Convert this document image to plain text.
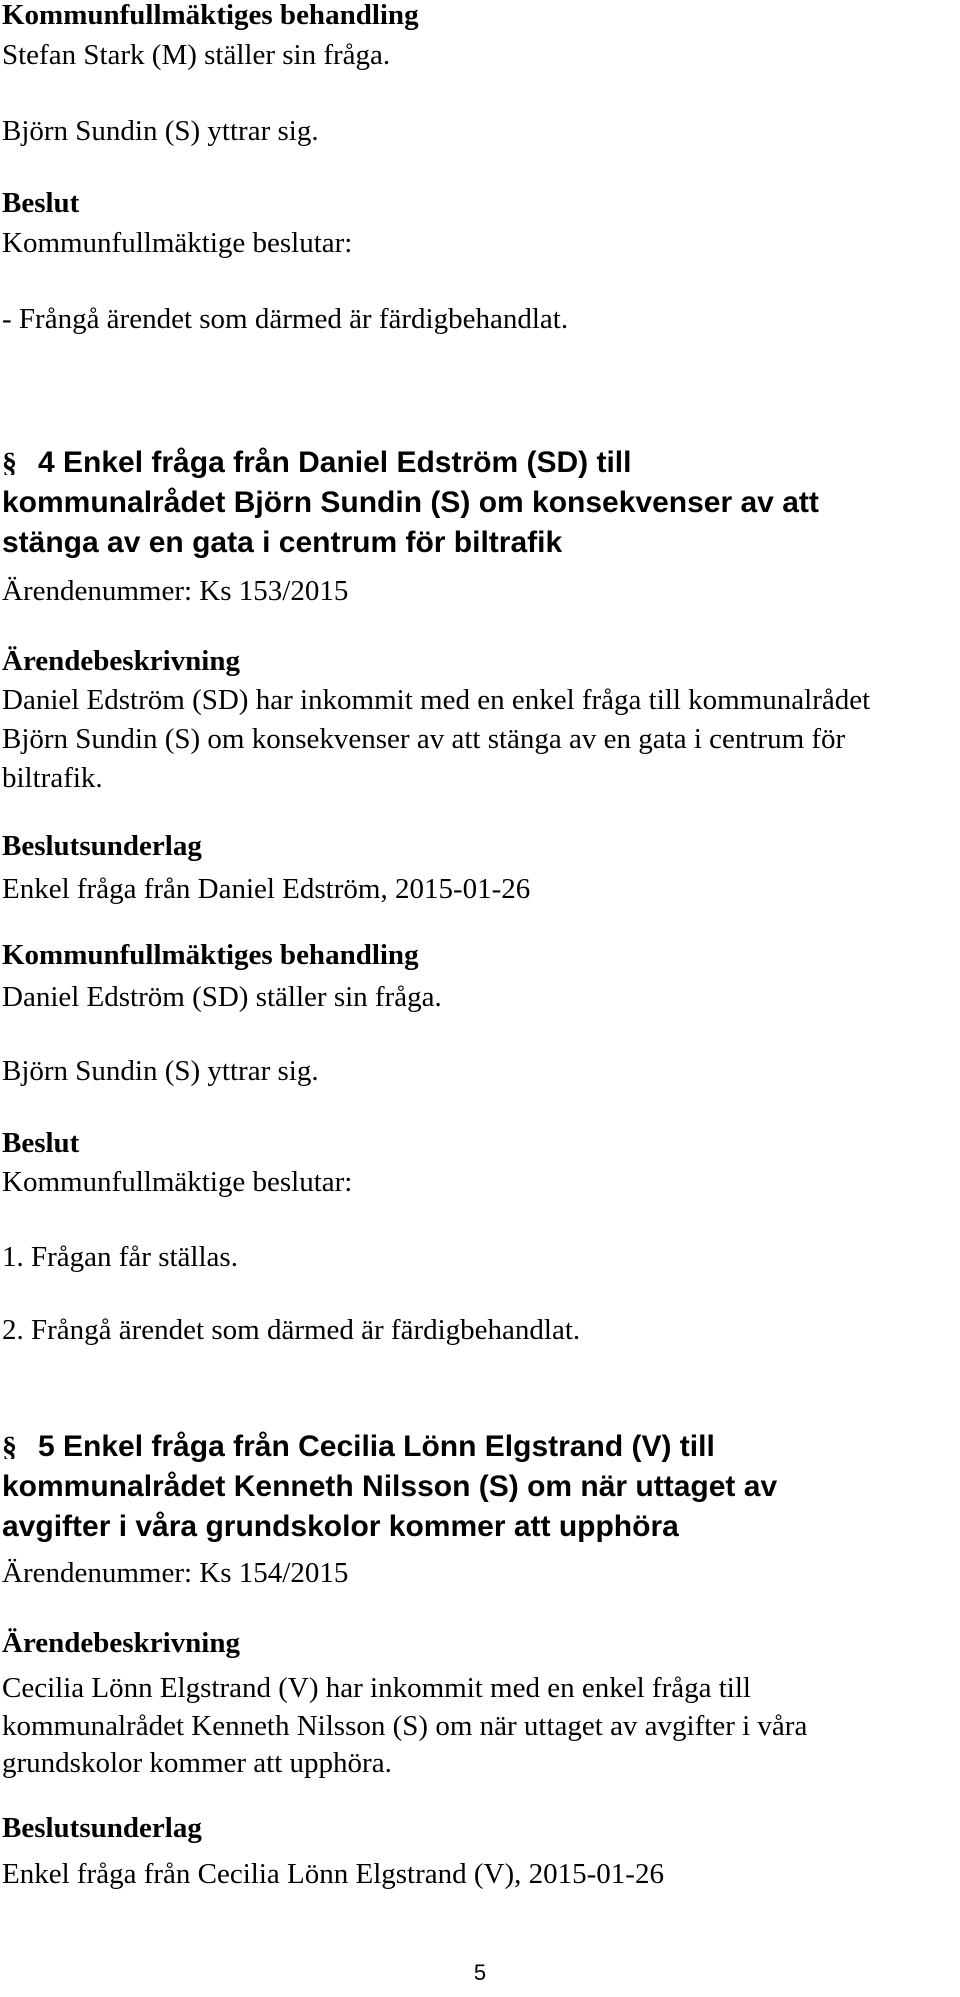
Kommunfullmäktiges behandling

Stefan Stark (M) ställer sin fråga.

Björn Sundin (S) yttrar sig.

Beslut

Kommunfullmäktige beslutar:

- Frångå ärendet som därmed är färdigbehandlat.

§ 4 Enkel fråga från Daniel Edström (SD) till

kommunalrådet Björn Sundin (S) om konsekvenser av att

stänga av en gata i centrum för biltrafik

Ärendenummer: Ks 153/2015

Ärendebeskrivning

Daniel Edström (SD) har inkommit med en enkel fråga till kommunalrådet

Björn Sundin (S) om konsekvenser av att stänga av en gata i centrum för

biltrafik.

Beslutsunderlag

Enkel fråga från Daniel Edström, 2015-01-26

Kommunfullmäktiges behandling

Daniel Edström (SD) ställer sin fråga.

Björn Sundin (S) yttrar sig.

Beslut

Kommunfullmäktige beslutar:

1. Frågan får ställas.

2. Frångå ärendet som därmed är färdigbehandlat.

§ 5 Enkel fråga från Cecilia Lönn Elgstrand (V) till

kommunalrådet Kenneth Nilsson (S) om när uttaget av

avgifter i våra grundskolor kommer att upphöra

Ärendenummer: Ks 154/2015

Ärendebeskrivning

Cecilia Lönn Elgstrand (V) har inkommit med en enkel fråga till

kommunalrådet Kenneth Nilsson (S) om när uttaget av avgifter i våra

grundskolor kommer att upphöra.

Beslutsunderlag

Enkel fråga från Cecilia Lönn Elgstrand (V), 2015-01-26

5
